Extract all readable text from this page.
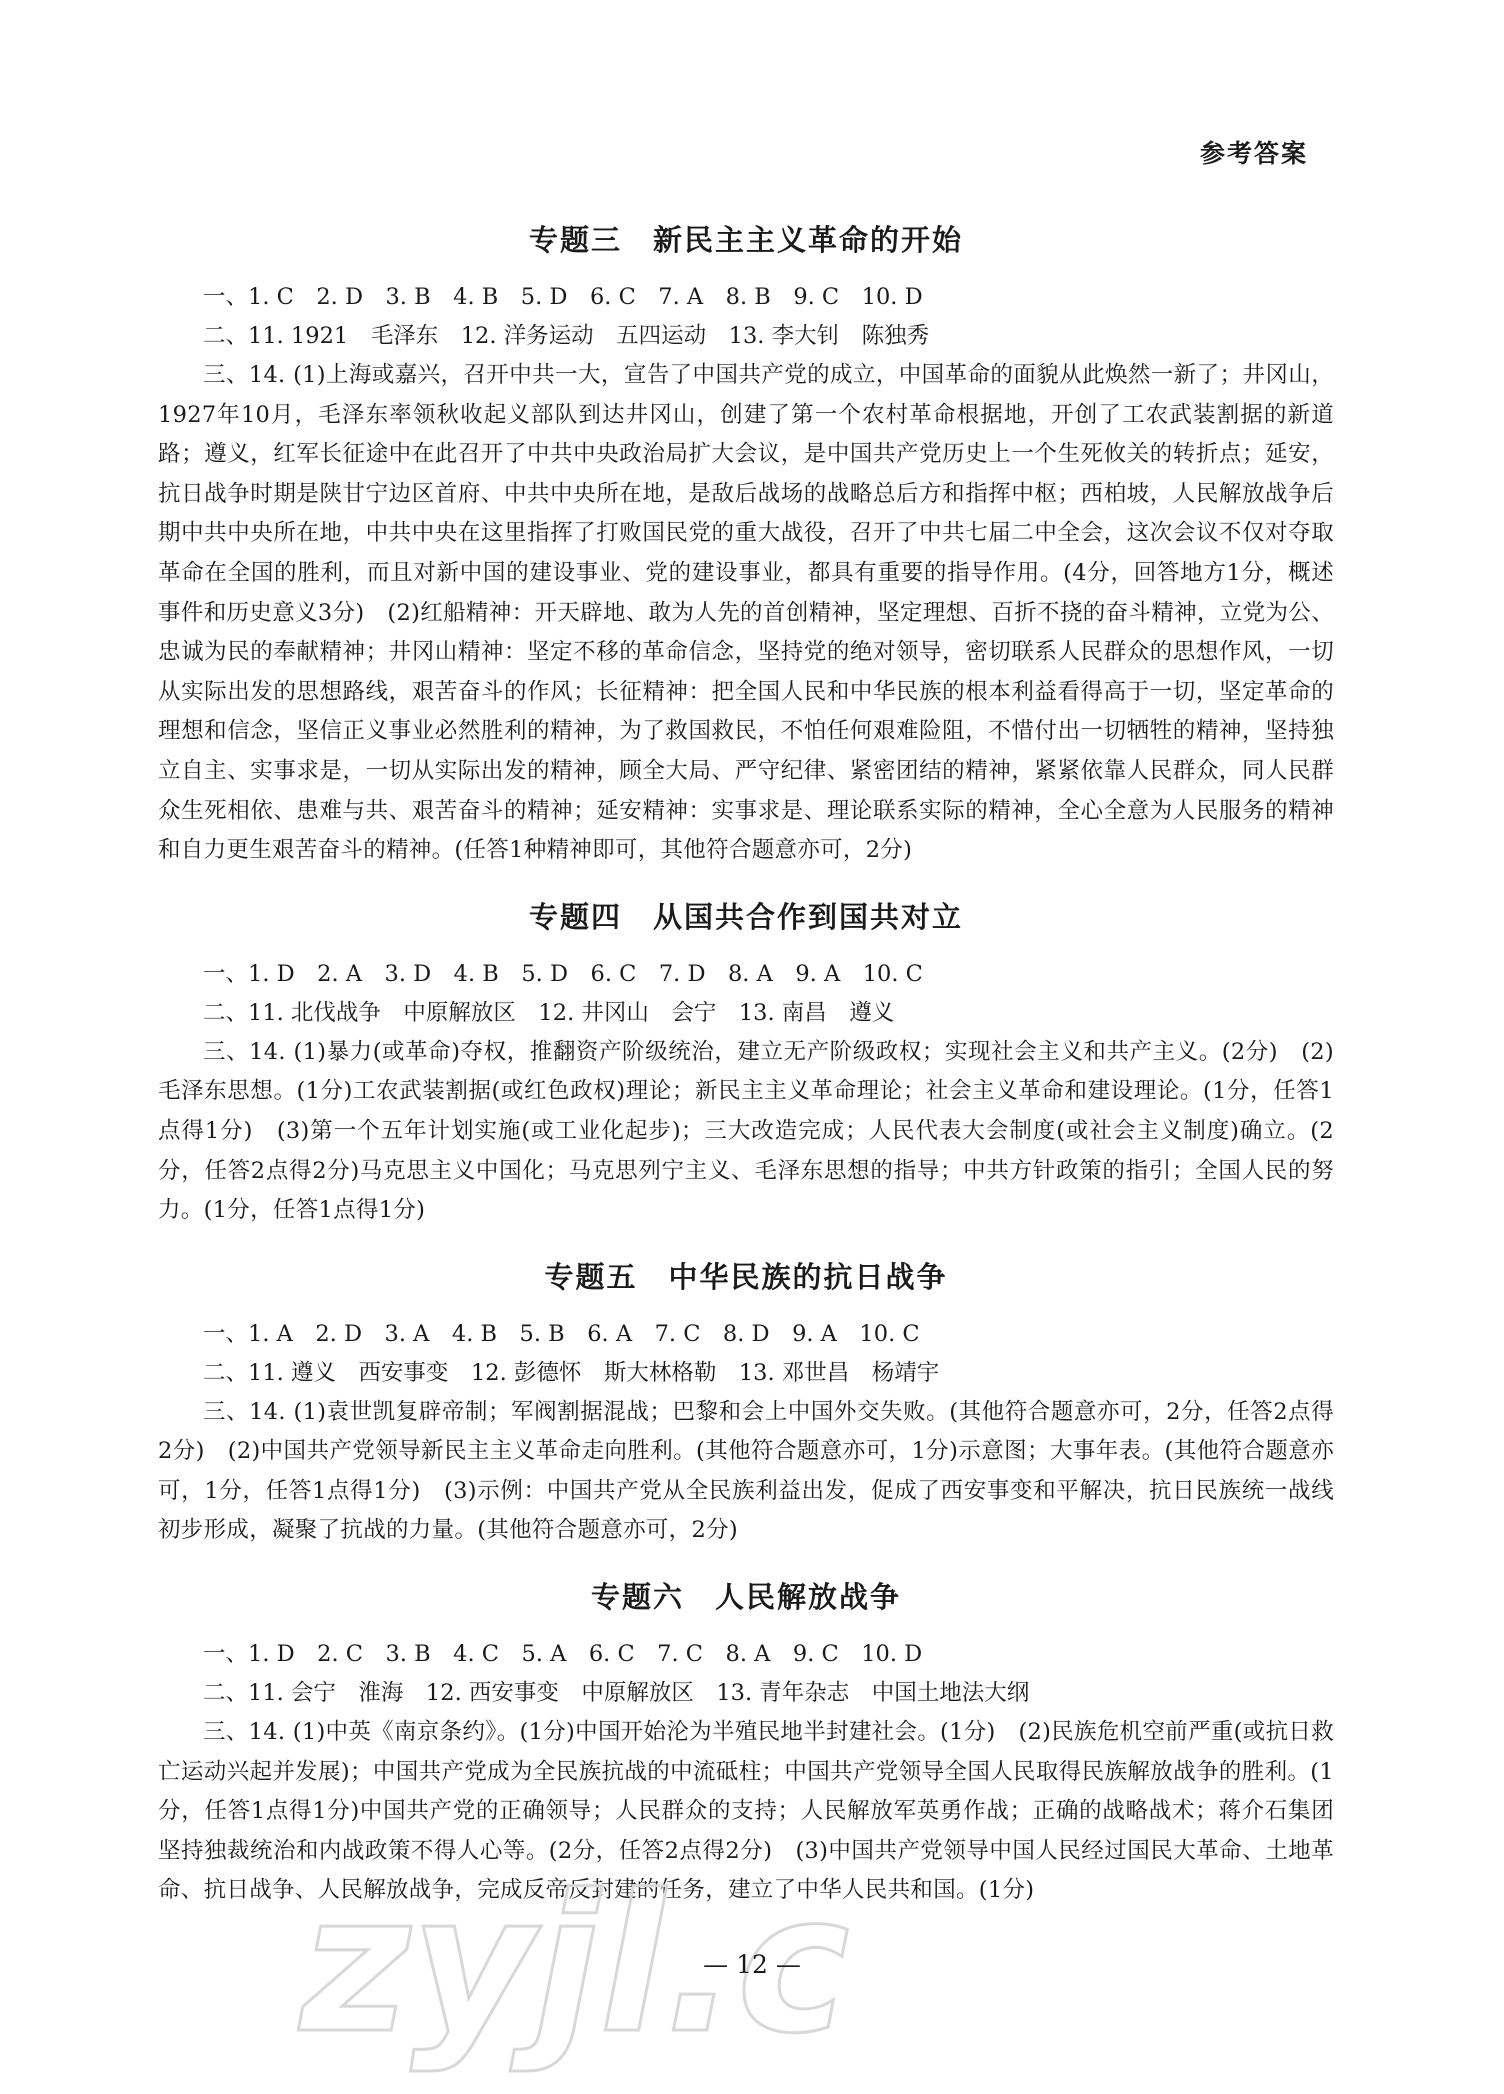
参考答案
专题三　新民主主义革命的开始
一、1. C　2. D　3. B　4. B　5. D　6. C　7. A　8. B　9. C　10. D
二、11. 1921　毛泽东　12. 洋务运动　五四运动　13. 李大钊　陈独秀
三、14. (1)上海或嘉兴，召开中共一大，宣告了中国共产党的成立，中国革命的面貌从此焕然一新了；井冈山，1927年10月，毛泽东率领秋收起义部队到达井冈山，创建了第一个农村革命根据地，开创了工农武装割据的新道路；遵义，红军长征途中在此召开了中共中央政治局扩大会议，是中国共产党历史上一个生死攸关的转折点；延安，抗日战争时期是陕甘宁边区首府、中共中央所在地，是敌后战场的战略总后方和指挥中枢；西柏坡，人民解放战争后期中共中央所在地，中共中央在这里指挥了打败国民党的重大战役，召开了中共七届二中全会，这次会议不仅对夺取革命在全国的胜利，而且对新中国的建设事业、党的建设事业，都具有重要的指导作用。(4分，回答地方1分，概述事件和历史意义3分)　(2)红船精神：开天辟地、敢为人先的首创精神，坚定理想、百折不挠的奋斗精神，立党为公、忠诚为民的奉献精神；井冈山精神：坚定不移的革命信念，坚持党的绝对领导，密切联系人民群众的思想作风，一切从实际出发的思想路线，艰苦奋斗的作风；长征精神：把全国人民和中华民族的根本利益看得高于一切，坚定革命的理想和信念，坚信正义事业必然胜利的精神，为了救国救民，不怕任何艰难险阻，不惜付出一切牺牲的精神，坚持独立自主、实事求是，一切从实际出发的精神，顾全大局、严守纪律、紧密团结的精神，紧紧依靠人民群众，同人民群众生死相依、患难与共、艰苦奋斗的精神；延安精神：实事求是、理论联系实际的精神，全心全意为人民服务的精神和自力更生艰苦奋斗的精神。(任答1种精神即可，其他符合题意亦可，2分)
专题四　从国共合作到国共对立
一、1. D　2. A　3. D　4. B　5. D　6. C　7. D　8. A　9. A　10. C
二、11. 北伐战争　中原解放区　12. 井冈山　会宁　13. 南昌　遵义
三、14. (1)暴力(或革命)夺权，推翻资产阶级统治，建立无产阶级政权；实现社会主义和共产主义。(2分)　(2)毛泽东思想。(1分)工农武装割据(或红色政权)理论；新民主主义革命理论；社会主义革命和建设理论。(1分，任答1点得1分)　(3)第一个五年计划实施(或工业化起步)；三大改造完成；人民代表大会制度(或社会主义制度)确立。(2分，任答2点得2分)马克思主义中国化；马克思列宁主义、毛泽东思想的指导；中共方针政策的指引；全国人民的努力。(1分，任答1点得1分)
专题五　中华民族的抗日战争
一、1. A　2. D　3. A　4. B　5. B　6. A　7. C　8. D　9. A　10. C
二、11. 遵义　西安事变　12. 彭德怀　斯大林格勒　13. 邓世昌　杨靖宇
三、14. (1)袁世凯复辟帝制；军阀割据混战；巴黎和会上中国外交失败。(其他符合题意亦可，2分，任答2点得2分)　(2)中国共产党领导新民主主义革命走向胜利。(其他符合题意亦可，1分)示意图；大事年表。(其他符合题意亦可，1分，任答1点得1分)　(3)示例：中国共产党从全民族利益出发，促成了西安事变和平解决，抗日民族统一战线初步形成，凝聚了抗战的力量。(其他符合题意亦可，2分)
专题六　人民解放战争
一、1. D　2. C　3. B　4. C　5. A　6. C　7. C　8. A　9. C　10. D
二、11. 会宁　淮海　12. 西安事变　中原解放区　13. 青年杂志　中国土地法大纲
三、14. (1)中英《南京条约》。(1分)中国开始沦为半殖民地半封建社会。(1分)　(2)民族危机空前严重(或抗日救亡运动兴起并发展)；中国共产党成为全民族抗战的中流砥柱；中国共产党领导全国人民取得民族解放战争的胜利。(1分，任答1点得1分)中国共产党的正确领导；人民群众的支持；人民解放军英勇作战；正确的战略战术；蒋介石集团坚持独裁统治和内战政策不得人心等。(2分，任答2点得2分)　(3)中国共产党领导中国人民经过国民大革命、土地革命、抗日战争、人民解放战争，完成反帝反封建的任务，建立了中华人民共和国。(1分)
zyjl.c
— 12 —
